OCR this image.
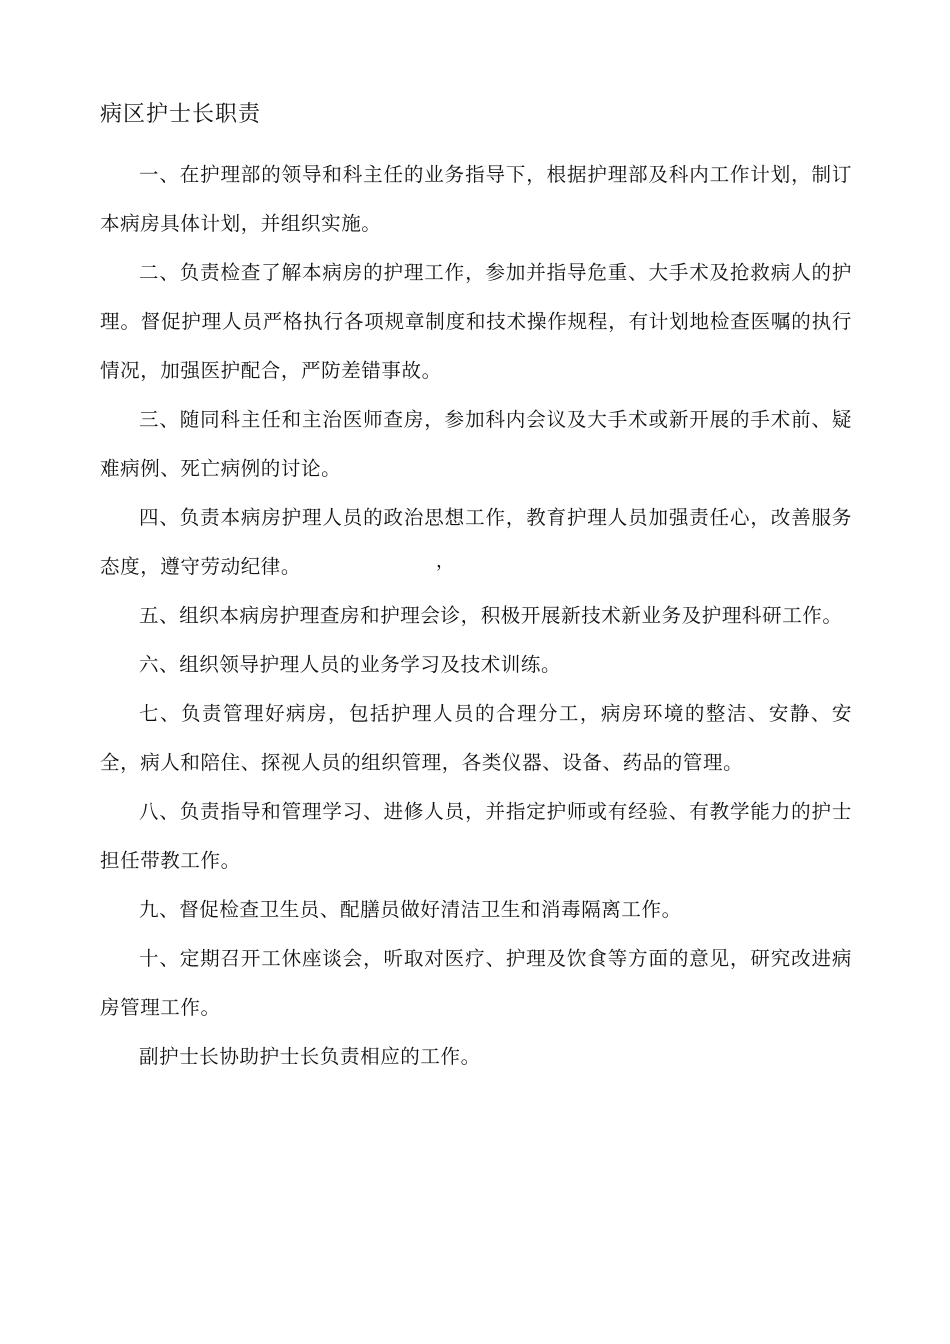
病区护士长职责

一、在护理部的领导和科主任的业务指导下，根据护理部及科内工作计划，制订本病房具体计划，并组织实施。

二、负责检查了解本病房的护理工作，参加并指导危重、大手术及抢救病人的护理。督促护理人员严格执行各项规章制度和技术操作规程，有计划地检查医嘱的执行情况，加强医护配合，严防差错事故。

三、随同科主任和主治医师查房，参加科内会议及大手术或新开展的手术前、疑难病例、死亡病例的讨论。

四、负责本病房护理人员的政治思想工作，教育护理人员加强责任心，改善服务态度，遵守劳动纪律。

五、组织本病房护理查房和护理会诊，积极开展新技术新业务及护理科研工作。

六、组织领导护理人员的业务学习及技术训练。

七、负责管理好病房，包括护理人员的合理分工，病房环境的整洁、安静、安全，病人和陪住、探视人员的组织管理，各类仪器、设备、药品的管理。

八、负责指导和管理学习、进修人员，并指定护师或有经验、有教学能力的护士担任带教工作。

九、督促检查卫生员、配膳员做好清洁卫生和消毒隔离工作。

十、定期召开工休座谈会，听取对医疗、护理及饮食等方面的意见，研究改进病房管理工作。

副护士长协助护士长负责相应的工作。

，
